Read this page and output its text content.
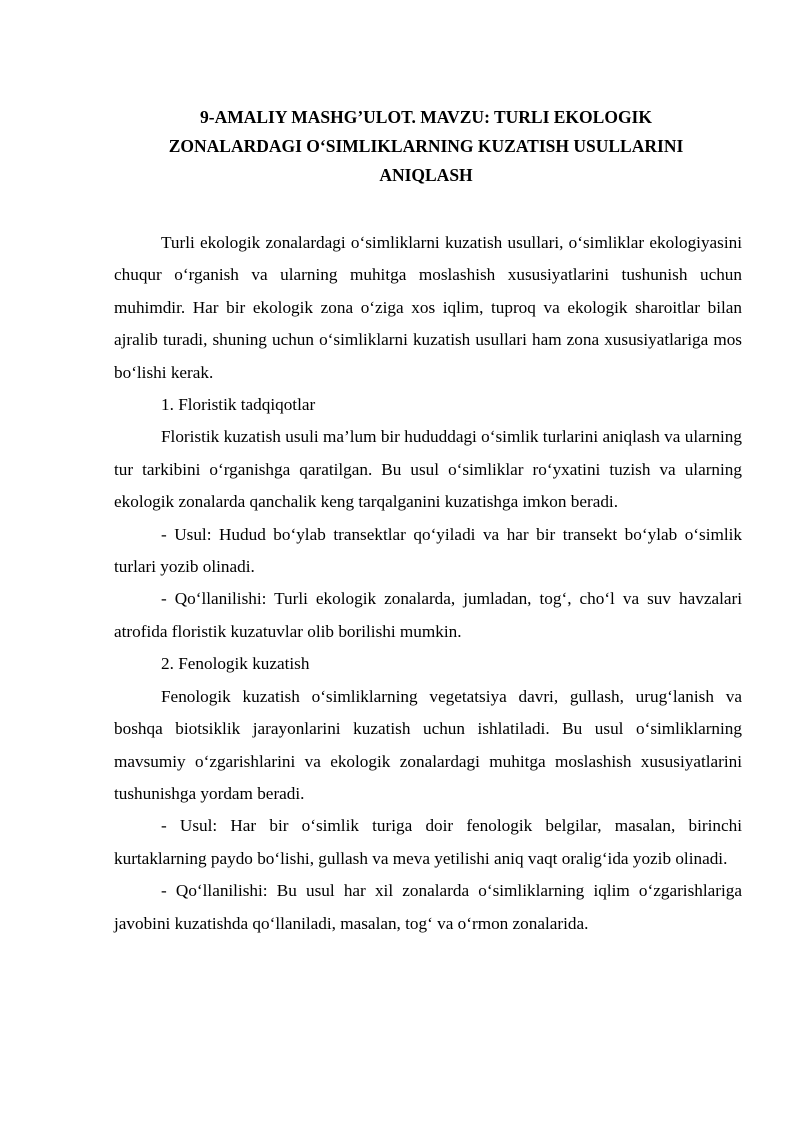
9-AMALIY MASHG’ULOT. MAVZU: TURLI EKOLOGIK
ZONALARDAGI O‘SIMLIKLARNING KUZATISH USULLARINI
ANIQLASH

Turli ekologik zonalardagi o‘simliklarni kuzatish usullari, o‘simliklar ekologiyasini chuqur o‘rganish va ularning muhitga moslashish xususiyatlarini tushunish uchun muhimdir. Har bir ekologik zona o‘ziga xos iqlim, tuproq va ekologik sharoitlar bilan ajralib turadi, shuning uchun o‘simliklarni kuzatish usullari ham zona xususiyatlariga mos bo‘lishi kerak.

1. Floristik tadqiqotlar

Floristik kuzatish usuli ma’lum bir hududdagi o‘simlik turlarini aniqlash va ularning tur tarkibini o‘rganishga qaratilgan. Bu usul o‘simliklar ro‘yxatini tuzish va ularning ekologik zonalarda qanchalik keng tarqalganini kuzatishga imkon beradi.

- Usul: Hudud bo‘ylab transektlar qo‘yiladi va har bir transekt bo‘ylab o‘simlik turlari yozib olinadi.

- Qo‘llanilishi: Turli ekologik zonalarda, jumladan, tog‘, cho‘l va suv havzalari atrofida floristik kuzatuvlar olib borilishi mumkin.

2. Fenologik kuzatish

Fenologik kuzatish o‘simliklarning vegetatsiya davri, gullash, urug‘lanish va boshqa biotsiklik jarayonlarini kuzatish uchun ishlatiladi. Bu usul o‘simliklarning mavsumiy o‘zgarishlarini va ekologik zonalardagi muhitga moslashish xususiyatlarini tushunishga yordam beradi.

- Usul: Har bir o‘simlik turiga doir fenologik belgilar, masalan, birinchi kurtaklarning paydo bo‘lishi, gullash va meva yetilishi aniq vaqt oralig‘ida yozib olinadi.

- Qo‘llanilishi: Bu usul har xil zonalarda o‘simliklarning iqlim o‘zgarishlariga javobini kuzatishda qo‘llaniladi, masalan, tog‘ va o‘rmon zonalarida.
